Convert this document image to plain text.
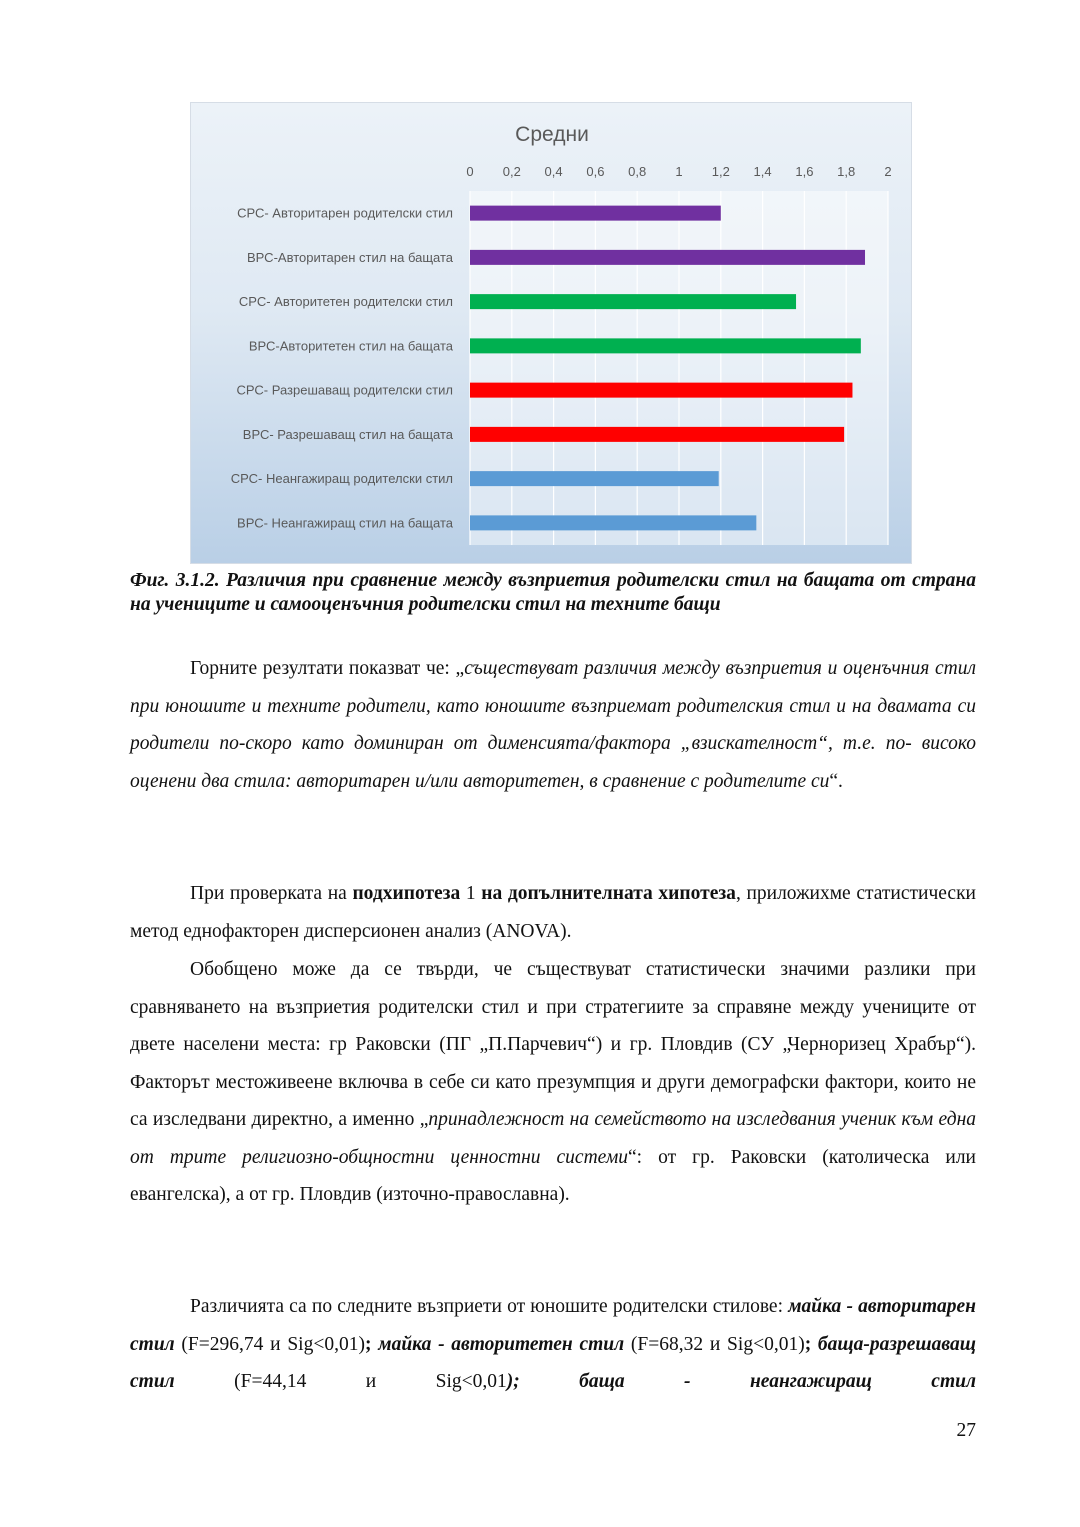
0 0,2 0,4 0,6 0,8 1 1,2 1,4 1,6 1,8 2
Средни
СРС- Авторитарен родителски стил
ВРС-Авторитарен стил на бащата
СРС- Авторитетен родителски стил
ВРС-Авторитетен стил на бащата
СРС- Разрешаващ родителски стил
ВРС- Разрешаващ стил на бащата
СРС- Неангажиращ родителски стил
ВРС- Неангажиращ стил на бащата
Фиг. 3.1.2. Различия при сравнение между възприетия родителски стил на бащата от страна на учениците и самооценъчния родителски стил на техните бащи

Горните резултати показват че: „съществуват различия между възприетия и оценъчния стил при юношите и техните родители, като юношите възприемат родителския стил и на двамата си родители по-скоро като доминиран от дименсията/фактора „взискателност“, т.е. по- високо оценени два стила: авторитарен и/или авторитетен, в сравнение с родителите си“.

При проверката на подхипотеза 1 на допълнителната хипотеза, приложихме статистически метод еднофакторен дисперсионен анализ (ANOVA).

Обобщено може да се твърди, че съществуват статистически значими разлики при сравняването на възприетия родителски стил и при стратегиите за справяне между учениците от двете населени места: гр Раковски (ПГ „П.Парчевич“) и гр. Пловдив (СУ „Черноризец Храбър“). Факторът местоживеене включва в себе си като презумпция и други демографски фактори, които не са изследвани директно, а именно „принадлежност на семейството на изследвания ученик към една от трите религиозно-общностни ценностни системи“: от гр. Раковски (католическа или евангелска), а от гр. Пловдив (източно-православна).

Различията са по следните възприети от юношите родителски стилове: майка - авторитарен стил (F=296,74 и Sig<0,01); майка - авторитетен стил (F=68,32 и Sig<0,01); баща-разрешаващ стил (F=44,14 и Sig<0,01); баща - неангажиращ стил

27
